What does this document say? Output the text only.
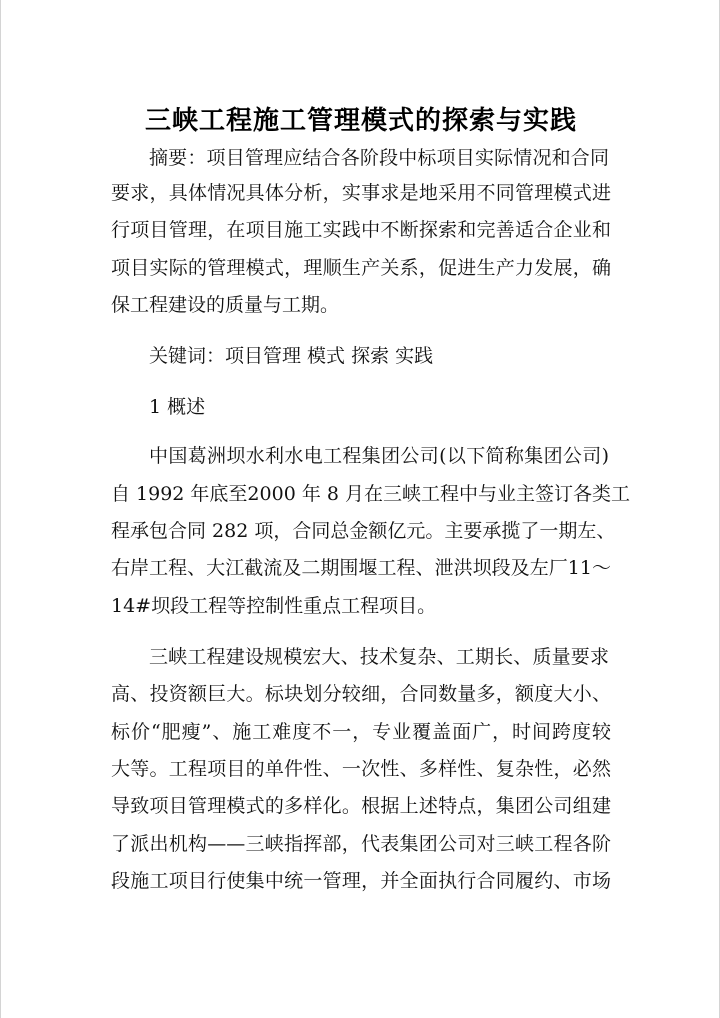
三峡工程施工管理模式的探索与实践

摘要：项目管理应结合各阶段中标项目实际情况和合同

要求，具体情况具体分析，实事求是地采用不同管理模式进

行项目管理，在项目施工实践中不断探索和完善适合企业和

项目实际的管理模式，理顺生产关系，促进生产力发展，确

保工程建设的质量与工期。

关键词：项目管理 模式 探索 实践

1 概述

中国葛洲坝水利水电工程集团公司(以下简称集团公司)

自 1992 年底至2000 年 8 月在三峡工程中与业主签订各类工

程承包合同 282 项，合同总金额亿元。主要承揽了一期左、

右岸工程、大江截流及二期围堰工程、泄洪坝段及左厂11～

14#坝段工程等控制性重点工程项目。

三峡工程建设规模宏大、技术复杂、工期长、质量要求

高、投资额巨大。标块划分较细，合同数量多，额度大小、

标价“肥瘦”、施工难度不一，专业覆盖面广，时间跨度较

大等。工程项目的单件性、一次性、多样性、复杂性，必然

导致项目管理模式的多样化。根据上述特点，集团公司组建

了派出机构——三峡指挥部，代表集团公司对三峡工程各阶

段施工项目行使集中统一管理，并全面执行合同履约、市场
